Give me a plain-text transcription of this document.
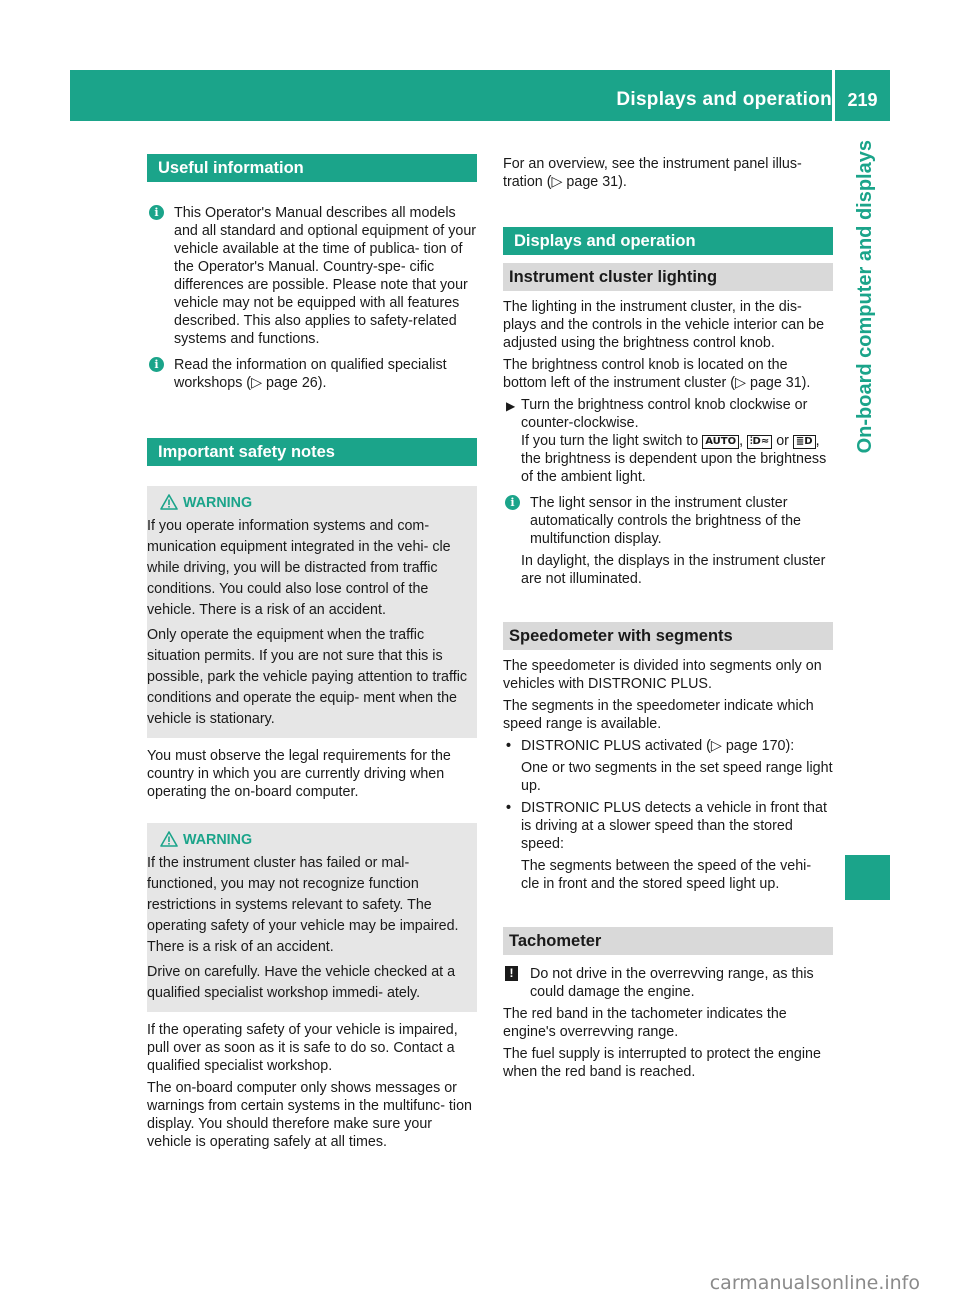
Displays and operation 219
On-board computer and displays
Useful information

i	This Operator's Manual describes all models and all standard and optional equipment of your vehicle available at the time of publica- tion of the Operator's Manual. Country-spe- cific differences are possible. Please note that your vehicle may not be equipped with all features described. This also applies to safety-related systems and functions.

i	Read the information on qualified specialist workshops (▷ page 26).

Important safety notes
WARNING

If you operate information systems and com- munication equipment integrated in the vehi- cle while driving, you will be distracted from traffic conditions. You could also lose control of the vehicle. There is a risk of an accident.

Only operate the equipment when the traffic situation permits. If you are not sure that this is possible, park the vehicle paying attention to traffic conditions and operate the equip- ment when the vehicle is stationary.

You must observe the legal requirements for the country in which you are currently driving when operating the on-board computer.

WARNING

If the instrument cluster has failed or mal- functioned, you may not recognize function restrictions in systems relevant to safety. The operating safety of your vehicle may be impaired. There is a risk of an accident.

Drive on carefully. Have the vehicle checked at a qualified specialist workshop immedi- ately.

If the operating safety of your vehicle is impaired, pull over as soon as it is safe to do so. Contact a qualified specialist workshop.

The on-board computer only shows messages or warnings from certain systems in the multifunc- tion display. You should therefore make sure your vehicle is operating safely at all times.

For an overview, see the instrument panel illus- tration (▷ page 31).

Displays and operation
Instrument cluster lighting

The lighting in the instrument cluster, in the dis- plays and the controls in the vehicle interior can be adjusted using the brightness control knob.

The brightness control knob is located on the bottom left of the instrument cluster (▷ page 31).

▶ Turn the brightness control knob clockwise or counter-clockwise.

If you turn the light switch to AUTO , ⫶D≈ or ≣D , the brightness is dependent upon the brightness of the ambient light.

i	The light sensor in the instrument cluster automatically controls the brightness of the multifunction display.

In daylight, the displays in the instrument cluster are not illuminated.

Speedometer with segments

The speedometer is divided into segments only on vehicles with DISTRONIC PLUS.

The segments in the speedometer indicate which speed range is available.

• DISTRONIC PLUS activated (▷ page 170):

One or two segments in the set speed range light up.

• DISTRONIC PLUS detects a vehicle in front that is driving at a slower speed than the stored speed:

The segments between the speed of the vehi- cle in front and the stored speed light up.

Tachometer

!	Do not drive in the overrevving range, as this could damage the engine.

The red band in the tachometer indicates the engine's overrevving range.

The fuel supply is interrupted to protect the engine when the red band is reached.

carmanualsonline.info
